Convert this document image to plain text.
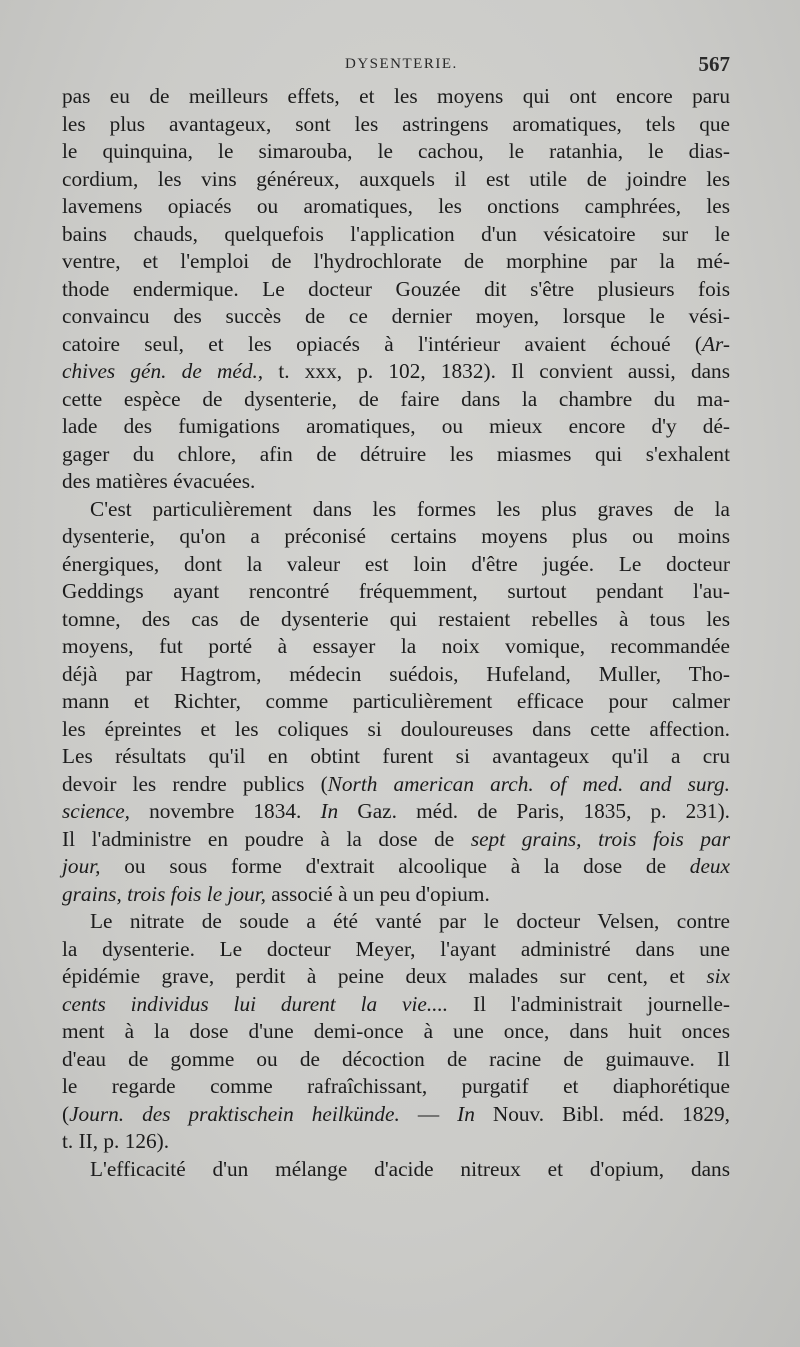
DYSENTERIE.	567
pas eu de meilleurs effets, et les moyens qui ont encore paru
les plus avantageux, sont les astringens aromatiques, tels que
le quinquina, le simarouba, le cachou, le ratanhia, le dias-
cordium, les vins généreux, auxquels il est utile de joindre les
lavemens opiacés ou aromatiques, les onctions camphrées, les
bains chauds, quelquefois l'application d'un vésicatoire sur le
ventre, et l'emploi de l'hydrochlorate de morphine par la mé-
thode endermique. Le docteur Gouzée dit s'être plusieurs fois
convaincu des succès de ce dernier moyen, lorsque le vési-
catoire seul, et les opiacés à l'intérieur avaient échoué (Ar-
chives gén. de méd., t. xxx, p. 102, 1832). Il convient aussi, dans
cette espèce de dysenterie, de faire dans la chambre du ma-
lade des fumigations aromatiques, ou mieux encore d'y dé-
gager du chlore, afin de détruire les miasmes qui s'exhalent
des matières évacuées.
C'est particulièrement dans les formes les plus graves de la
dysenterie, qu'on a préconisé certains moyens plus ou moins
énergiques, dont la valeur est loin d'être jugée. Le docteur
Geddings ayant rencontré fréquemment, surtout pendant l'au-
tomne, des cas de dysenterie qui restaient rebelles à tous les
moyens, fut porté à essayer la noix vomique, recommandée
déjà par Hagtrom, médecin suédois, Hufeland, Muller, Tho-
mann et Richter, comme particulièrement efficace pour calmer
les épreintes et les coliques si douloureuses dans cette affection.
Les résultats qu'il en obtint furent si avantageux qu'il a cru
devoir les rendre publics (North american arch. of med. and surg.
science, novembre 1834. In Gaz. méd. de Paris, 1835, p. 231).
Il l'administre en poudre à la dose de sept grains, trois fois par
jour, ou sous forme d'extrait alcoolique à la dose de deux
grains, trois fois le jour, associé à un peu d'opium.
Le nitrate de soude a été vanté par le docteur Velsen, contre
la dysenterie. Le docteur Meyer, l'ayant administré dans une
épidémie grave, perdit à peine deux malades sur cent, et six
cents individus lui durent la vie.... Il l'administrait journelle-
ment à la dose d'une demi-once à une once, dans huit onces
d'eau de gomme ou de décoction de racine de guimauve. Il
le regarde comme rafraîchissant, purgatif et diaphorétique
(Journ. des praktischein heilkünde. — In Nouv. Bibl. méd. 1829,
t. II, p. 126).
L'efficacité d'un mélange d'acide nitreux et d'opium, dans
